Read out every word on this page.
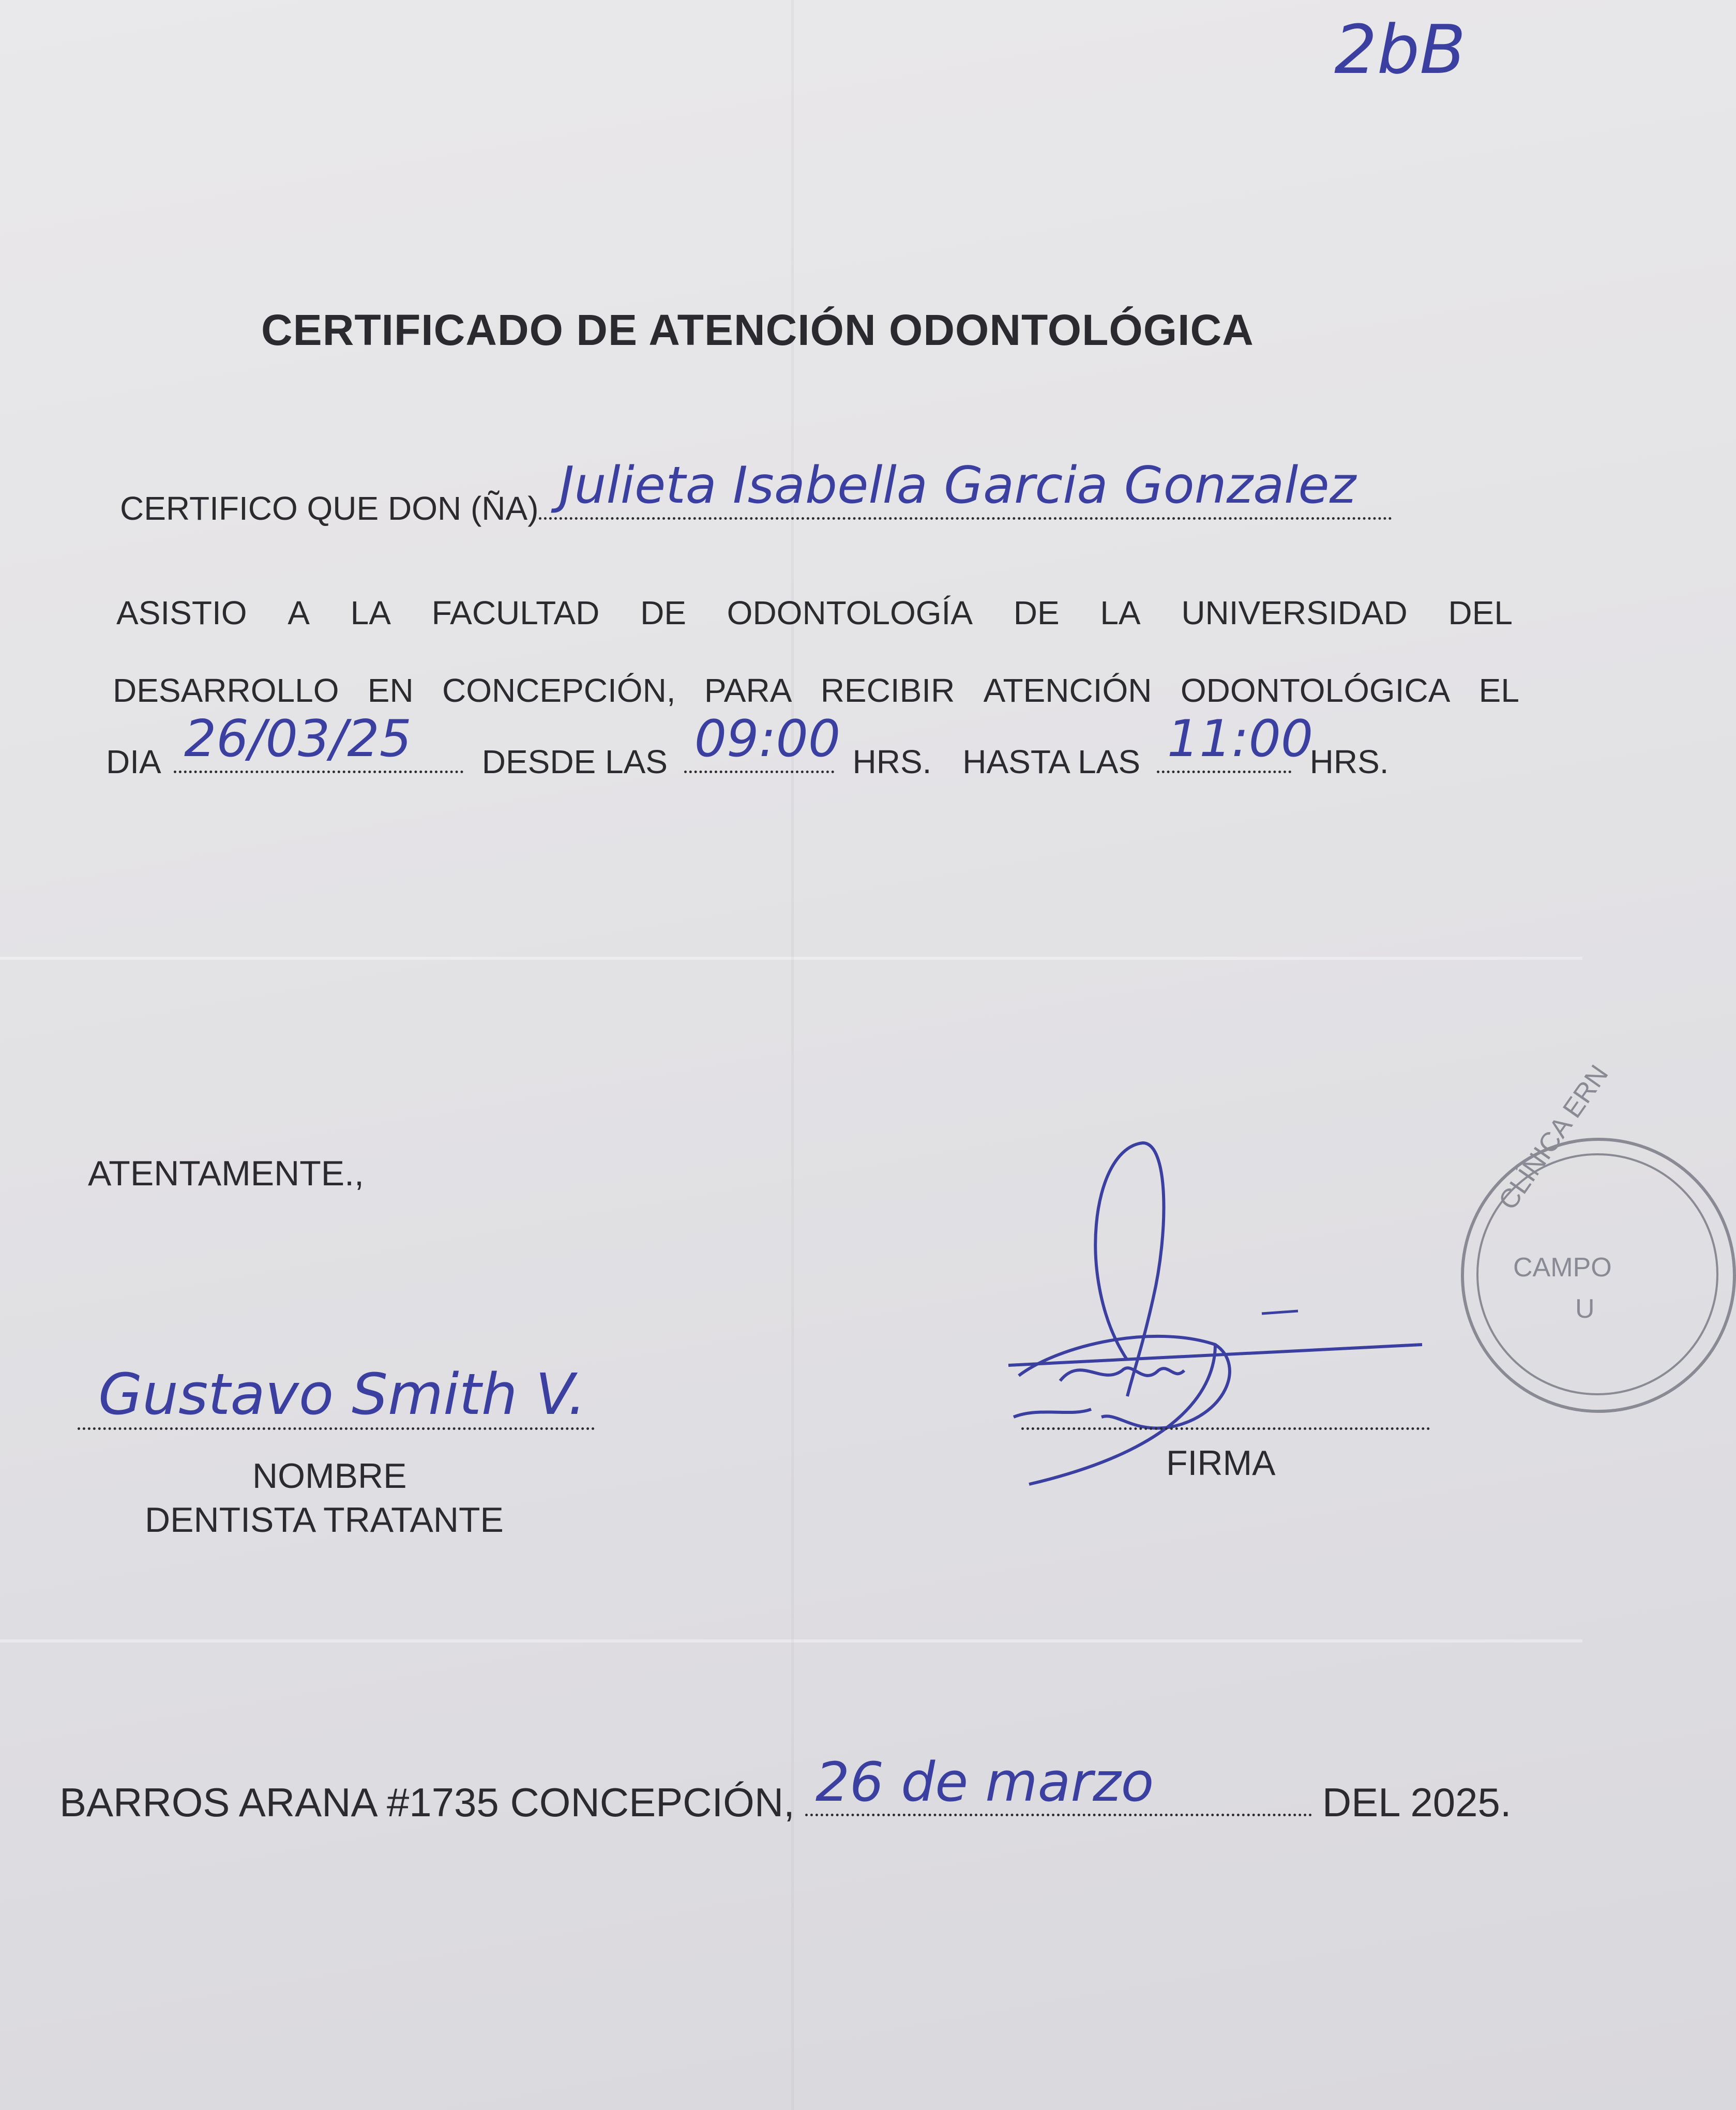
2bB
CERTIFICADO DE ATENCIÓN ODONTOLÓGICA
CERTIFICO QUE DON (ÑA) Julieta Isabella Garcia Gonzalez
ASISTIO A LA FACULTAD DE ODONTOLOGÍA DE LA UNIVERSIDAD DEL
DESARROLLO EN CONCEPCIÓN, PARA RECIBIR ATENCIÓN ODONTOLÓGICA EL
DIA 26/03/25 DESDE LAS 09:00 HRS. HASTA LAS 11:00
HRS.
ATENTAMENTE.,
Gustavo Smith V.
NOMBRE
DENTISTA TRATANTE
FIRMA
CLÍNICA ERN
CAMPO
U
BARROS ARANA #1735 CONCEPCIÓN, 26 de marzo	DEL 2025.
